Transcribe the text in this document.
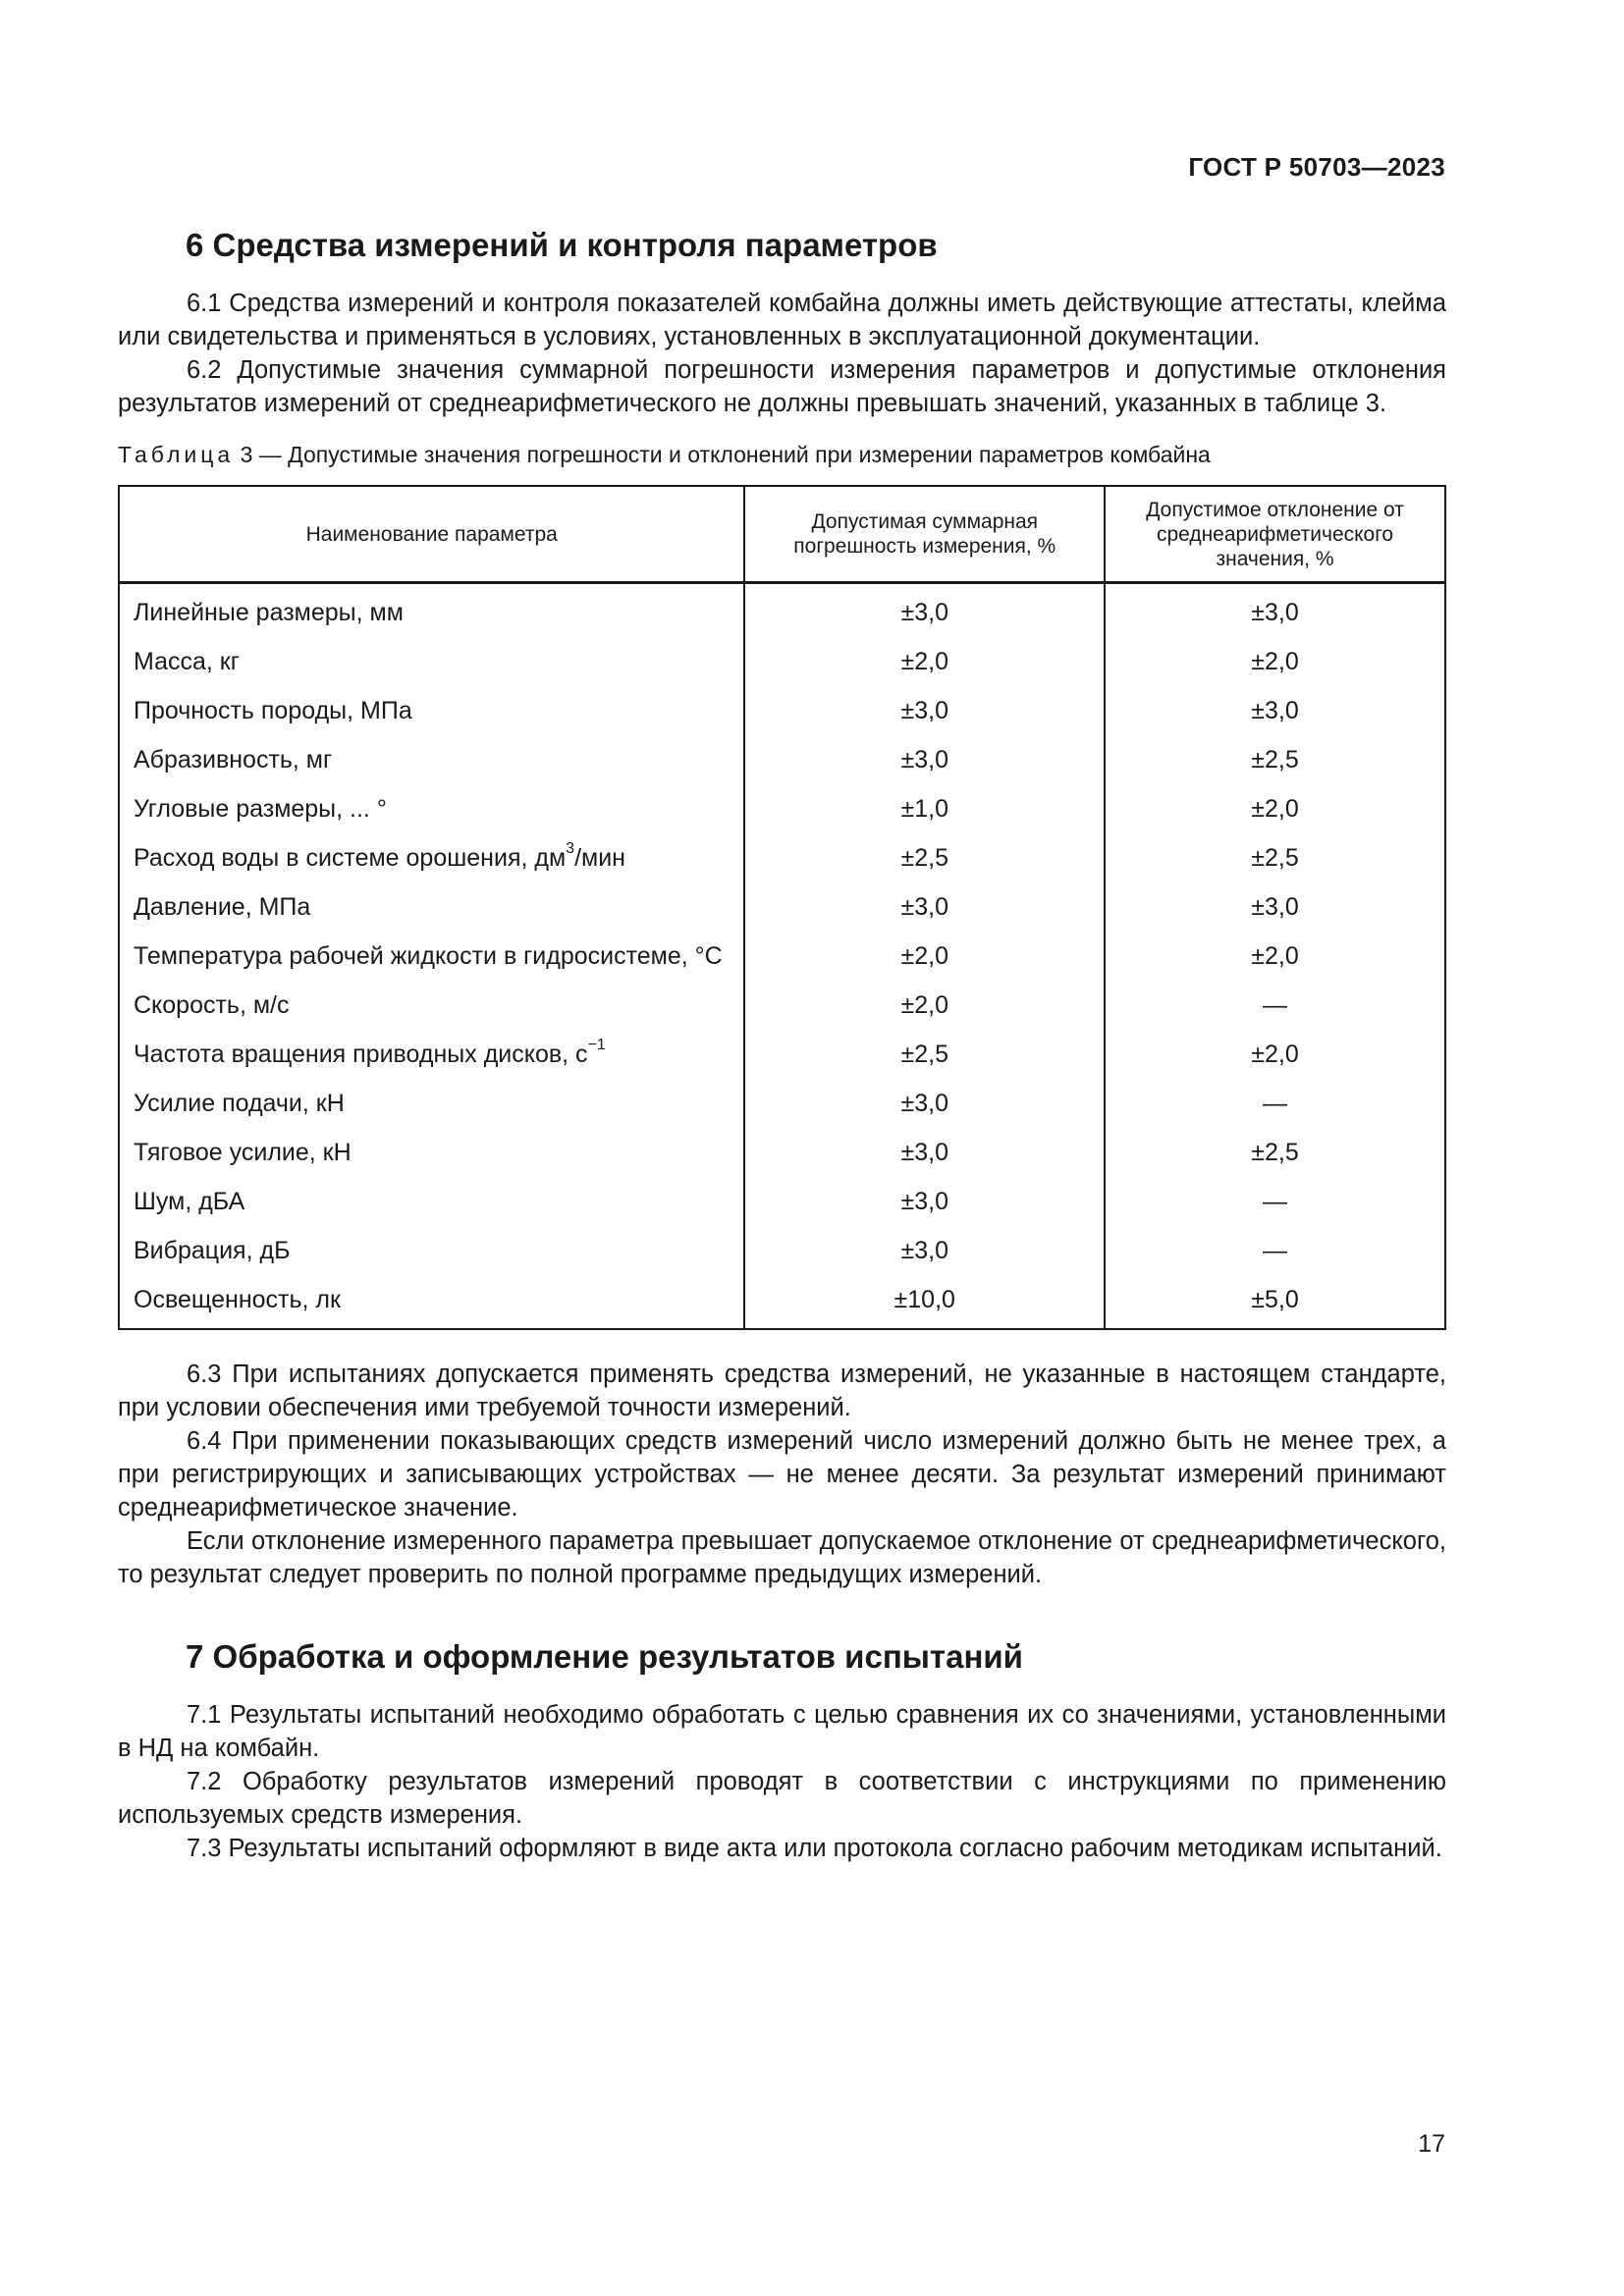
ГОСТ Р 50703—2023
6 Средства измерений и контроля параметров

6.1 Средства измерений и контроля показателей комбайна должны иметь действующие аттестаты, клейма или свидетельства и применяться в условиях, установленных в эксплуатационной документации.

6.2 Допустимые значения суммарной погрешности измерения параметров и допустимые отклонения результатов измерений от среднеарифметического не должны превышать значений, указанных в таблице 3.

Таблица 3 — Допустимые значения погрешности и отклонений при измерении параметров комбайна
Наименование параметра	Допустимая суммарная погрешность измерения, %	Допустимое отклонение от среднеарифметического значения, %
Линейные размеры, мм	±3,0	±3,0
Масса, кг	±2,0	±2,0
Прочность породы, МПа	±3,0	±3,0
Абразивность, мг	±3,0	±2,5
Угловые размеры, ... °	±1,0	±2,0
Расход воды в системе орошения, $дм^3$/мин	±2,5	±2,5
Давление, МПа	±3,0	±3,0
Температура рабочей жидкости в гидросистеме, °С	±2,0	±2,0
Скорость, м/с	±2,0	—
Частота вращения приводных дисков, $с^{-1}$	±2,5	±2,0
Усилие подачи, кН	±3,0	—
Тяговое усилие, кН	±3,0	±2,5
Шум, дБА	±3,0	—
Вибрация, дБ	±3,0	—
Освещенность, лк	±10,0	±5,0

6.3 При испытаниях допускается применять средства измерений, не указанные в настоящем стандарте, при условии обеспечения ими требуемой точности измерений.

6.4 При применении показывающих средств измерений число измерений должно быть не менее трех, а при регистрирующих и записывающих устройствах — не менее десяти. За результат измерений принимают среднеарифметическое значение.

Если отклонение измеренного параметра превышает допускаемое отклонение от среднеарифметического, то результат следует проверить по полной программе предыдущих измерений.

7 Обработка и оформление результатов испытаний

7.1 Результаты испытаний необходимо обработать с целью сравнения их со значениями, установленными в НД на комбайн.

7.2 Обработку результатов измерений проводят в соответствии с инструкциями по применению используемых средств измерения.

7.3 Результаты испытаний оформляют в виде акта или протокола согласно рабочим методикам испытаний.

17
